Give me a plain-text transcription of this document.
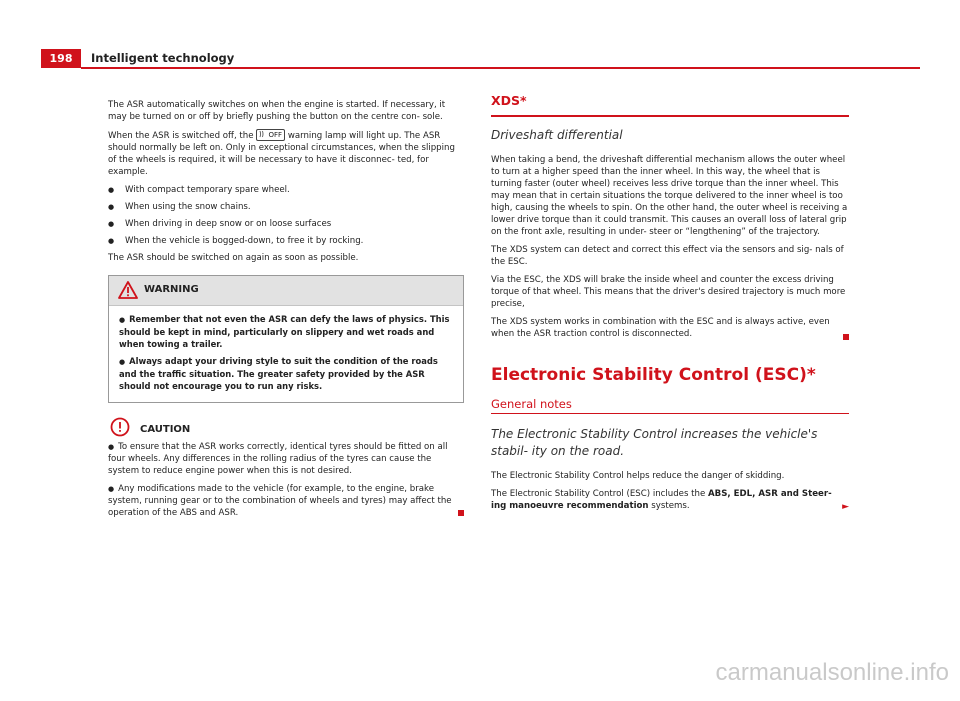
198	Intelligent technology

The ASR automatically switches on when the engine is started. If necessary, it may be turned on or off by briefly pushing the button on the centre con- sole.

When the ASR is switched off, the OFF warning lamp will light up. The ASR should normally be left on. Only in exceptional circumstances, when the slipping of the wheels is required, it will be necessary to have it disconnec- ted, for example.

● With compact temporary spare wheel.
● When using the snow chains.
● When driving in deep snow or on loose surfaces
● When the vehicle is bogged-down, to free it by rocking.

The ASR should be switched on again as soon as possible.

WARNING

● Remember that not even the ASR can defy the laws of physics. This should be kept in mind, particularly on slippery and wet roads and when towing a trailer.

● Always adapt your driving style to suit the condition of the roads and the traffic situation. The greater safety provided by the ASR should not encourage you to run any risks.

CAUTION

● To ensure that the ASR works correctly, identical tyres should be fitted on all four wheels. Any differences in the rolling radius of the tyres can cause the system to reduce engine power when this is not desired.

● Any modifications made to the vehicle (for example, to the engine, brake system, running gear or to the combination of wheels and tyres) may affect the operation of the ABS and ASR.

XDS*
Driveshaft differential

When taking a bend, the driveshaft differential mechanism allows the outer wheel to turn at a higher speed than the inner wheel. In this way, the wheel that is turning faster (outer wheel) receives less drive torque than the inner wheel. This may mean that in certain situations the torque delivered to the inner wheel is too high, causing the wheels to spin. On the other hand, the outer wheel is receiving a lower drive torque than it could transmit. This causes an overall loss of lateral grip on the front axle, resulting in under- steer or “lengthening” of the trajectory.

The XDS system can detect and correct this effect via the sensors and sig- nals of the ESC.

Via the ESC, the XDS will brake the inside wheel and counter the excess driving torque of that wheel. This means that the driver's desired trajectory is much more precise,

The XDS system works in combination with the ESC and is always active, even when the ASR traction control is disconnected.

Electronic Stability Control (ESC)*
General notes
The Electronic Stability Control increases the vehicle's stabil- ity on the road.

The Electronic Stability Control helps reduce the danger of skidding.

The Electronic Stability Control (ESC) includes the ABS, EDL, ASR and Steer- ing manoeuvre recommendation systems.	►

carmanualsonline.info
